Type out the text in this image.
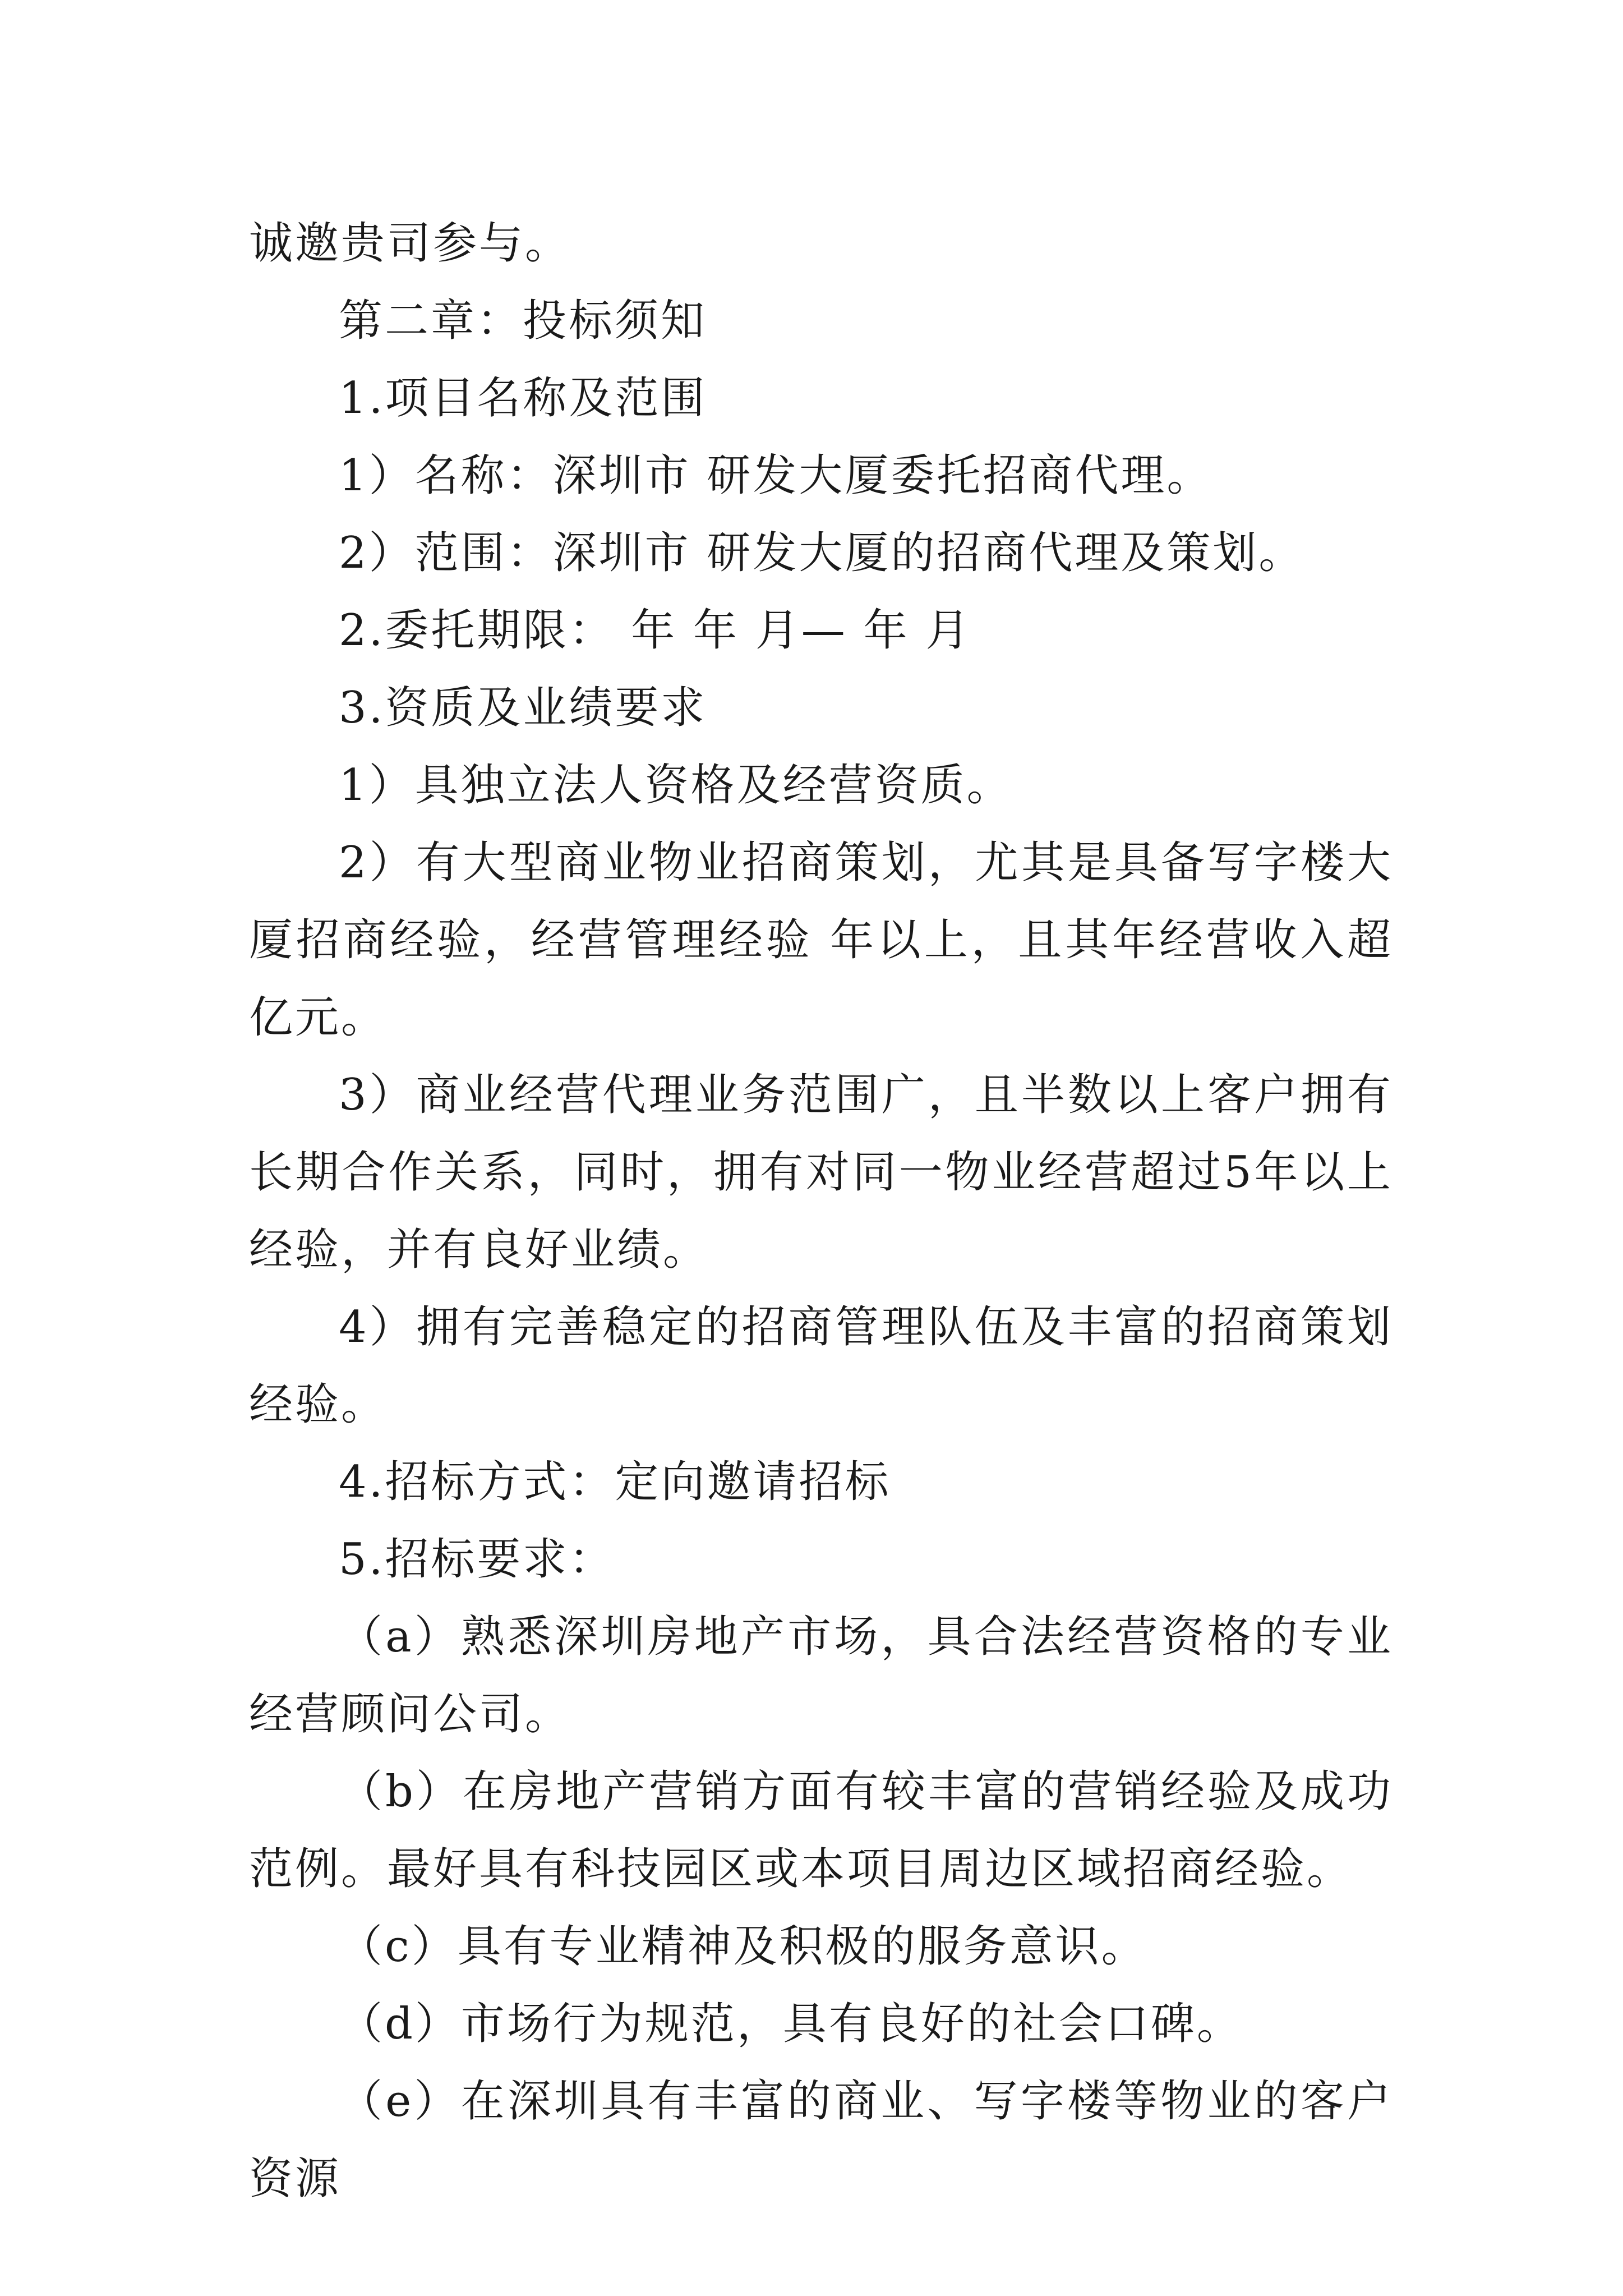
诚邀贵司参与。

第二章：投标须知

1.项目名称及范围

1）名称：深圳市 研发大厦委托招商代理。

2）范围：深圳市 研发大厦的招商代理及策划。

2.委托期限： 年 年 月— 年 月

3.资质及业绩要求

1）具独立法人资格及经营资质。

2）有大型商业物业招商策划，尤其是具备写字楼大厦招商经验，经营管理经验 年以上，且其年经营收入超亿元。

3）商业经营代理业务范围广，且半数以上客户拥有长期合作关系，同时，拥有对同一物业经营超过5年以上经验，并有良好业绩。

4）拥有完善稳定的招商管理队伍及丰富的招商策划经验。

4.招标方式：定向邀请招标

5.招标要求：

（a）熟悉深圳房地产市场，具合法经营资格的专业经营顾问公司。

（b）在房地产营销方面有较丰富的营销经验及成功范例。最好具有科技园区或本项目周边区域招商经验。

（c）具有专业精神及积极的服务意识。

（d）市场行为规范，具有良好的社会口碑。

（e）在深圳具有丰富的商业、写字楼等物业的客户资源
